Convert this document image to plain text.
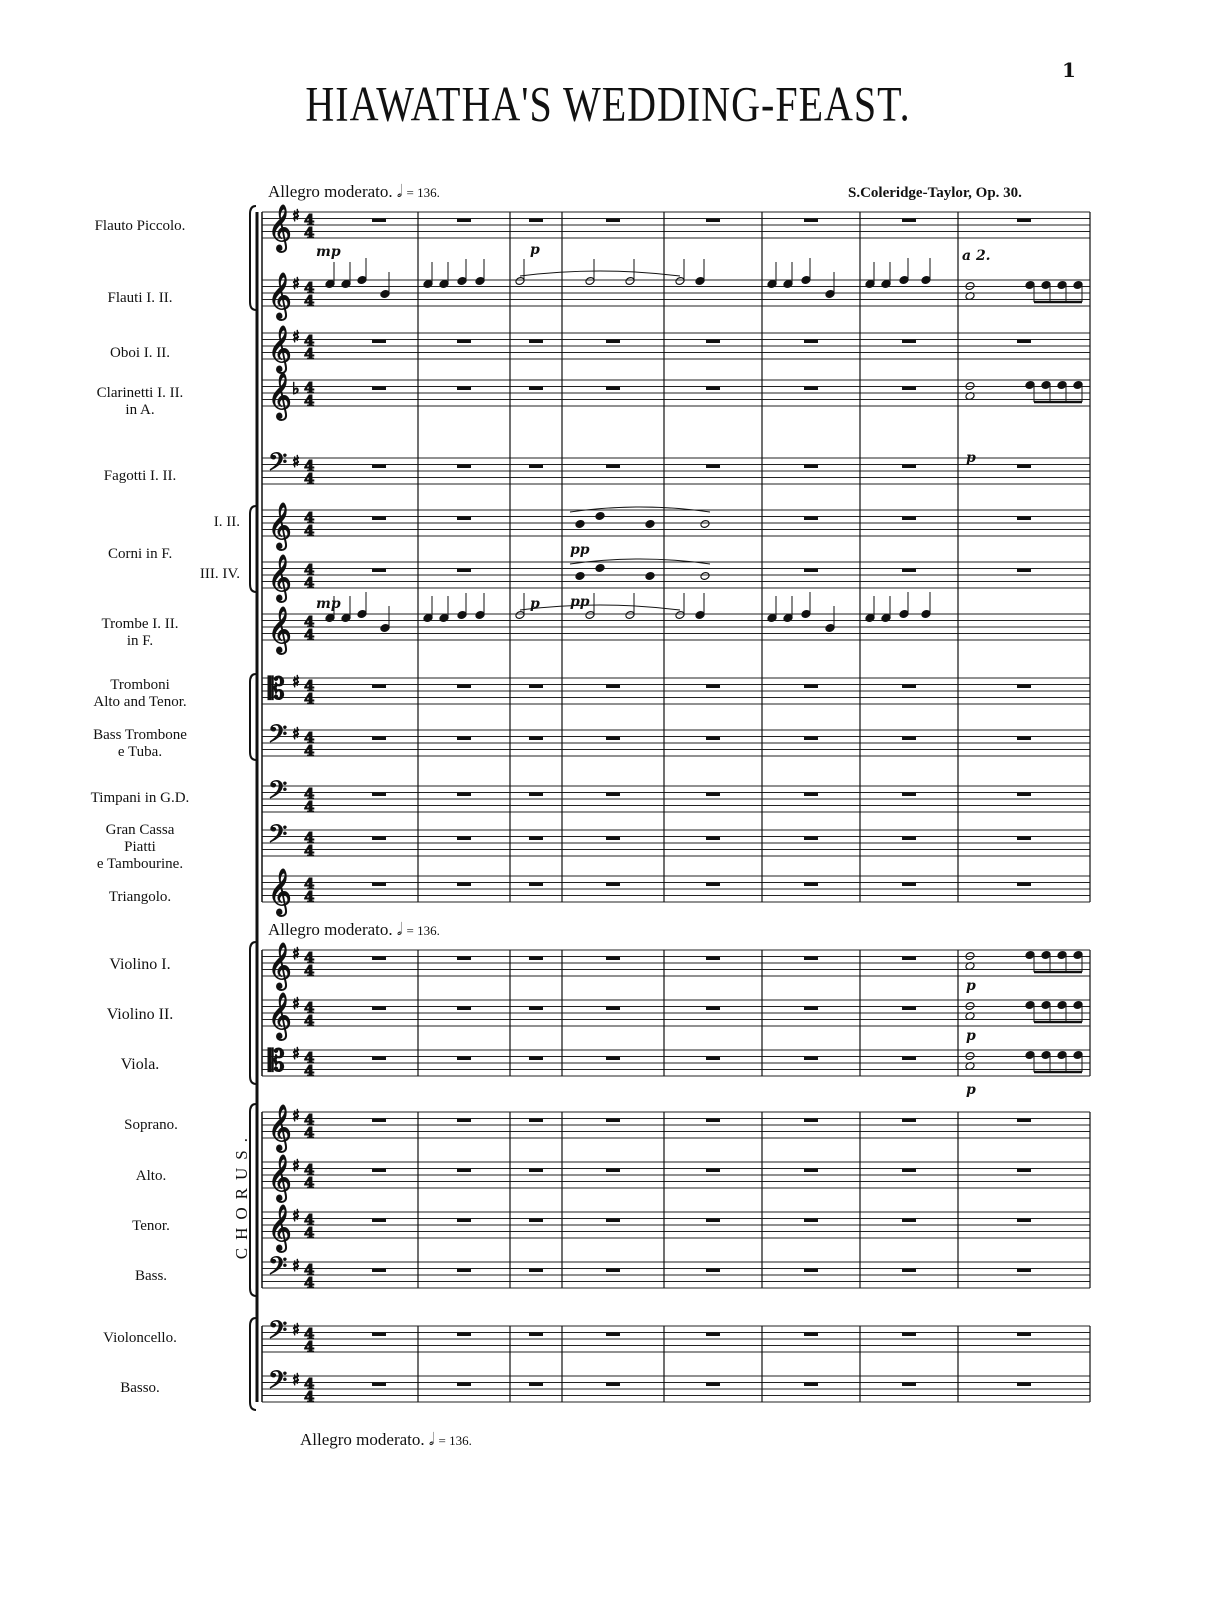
1
HIAWATHA'S WEDDING-FEAST.
Allegro moderato. 𝅗𝅥 = 136.	S.Coleridge-Taylor, Op. 30.
Allegro moderato. 𝅗𝅥 = 136.
Allegro moderato. 𝅗𝅥 = 136.
Flauto Piccolo.
Flauti I. II.
Oboi I. II.
Clarinetti I. II.
in A.
Fagotti I. II.
I. II.
Corni in F.
III. IV.
Trombe I. II.
in F.
Tromboni
Alto and Tenor.
Bass Trombone
e Tuba.
Timpani in G.D.
Gran Cassa
Piatti
e Tambourine.
Triangolo.
Violino I.
Violino II.
Viola.
Soprano.
Alto.
Tenor.
Bass.
Violoncello.
Basso.
CHORUS.
𝄞 ♯ 4
4
𝄞 ♯ 4
4
𝄞 ♯ 4
4
𝄞 ♭ 4
4
𝄢 ♯ 4
4
𝄞 4
4
𝄞 4
4
𝄞 4
4
𝄡 ♯ 4
4
𝄢 ♯ 4
4
𝄢 4
4
𝄢 4
4
𝄞 4
4
𝄞 ♯ 4
4
𝄞 ♯ 4
4
𝄡 ♯ 4
4
𝄞 ♯ 4
4
𝄞 ♯ 4
4
𝄞 ♯ 4
4
𝄢 ♯ 4
4
𝄢 ♯ 4
4
𝄢 ♯ 4
4
mp	p
mp	p
pp
pp
a 2.
p
p
p
p
